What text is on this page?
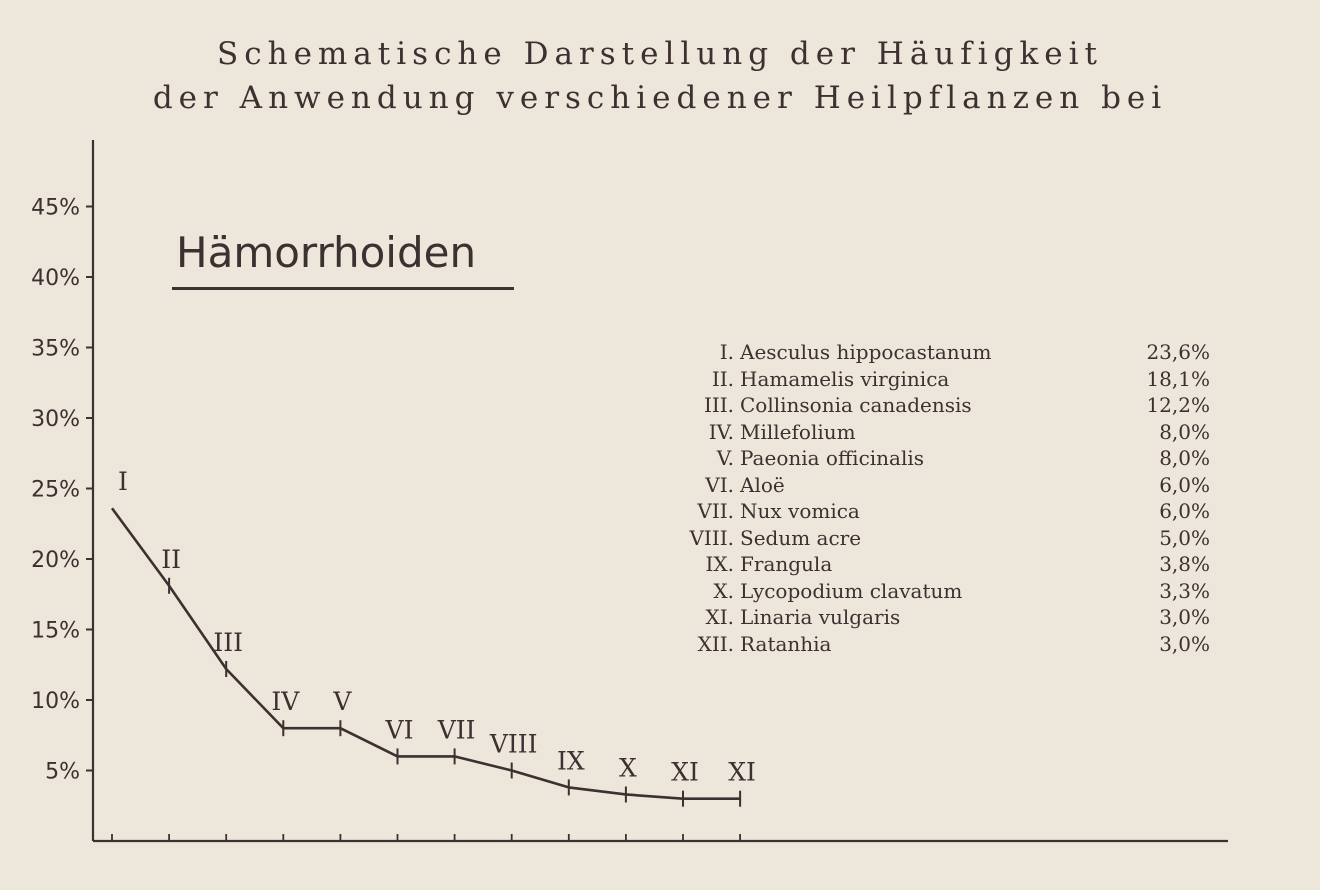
Schematische Darstellung der Häufigkeit
der Anwendung verschiedener Heilpflanzen bei
5%
10%
15%
20%
25%
30%
35%
40%
45%
I
II
III
IV V
VI VII VIII
IX X XI XI
Hämorrhoiden
I.	Aesculus hippocastanum	23,6%
II.	Hamamelis virginica	18,1%
III.	Collinsonia canadensis	12,2%
IV.	Millefolium	8,0%
V.	Paeonia officinalis	8,0%
VI.	Aloë	6,0%
VII.	Nux vomica	6,0%
VIII.	Sedum acre	5,0%
IX.	Frangula	3,8%
X.	Lycopodium clavatum	3,3%
XI.	Linaria vulgaris	3,0%
XII.	Ratanhia	3,0%
